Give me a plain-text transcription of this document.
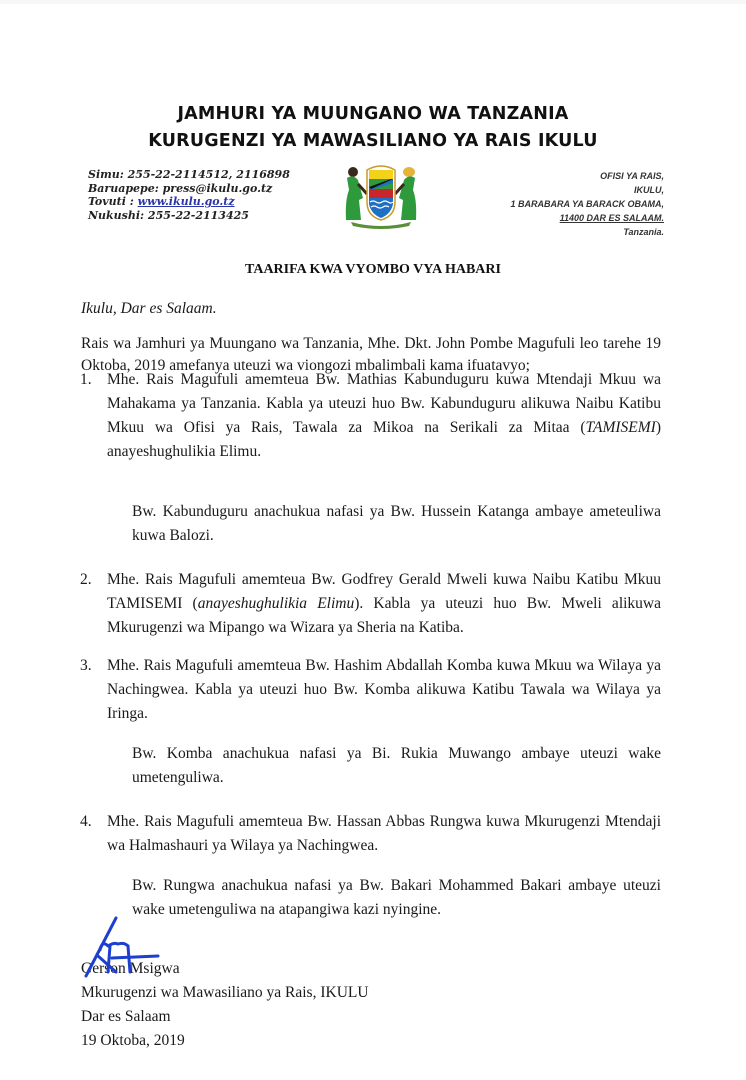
JAMHURI YA MUUNGANO WA TANZANIA
KURUGENZI YA MAWASILIANO YA RAIS IKULU
Simu: 255-22-2114512, 2116898
Baruapepe: press@ikulu.go.tz
Tovuti : www.ikulu.go.tz
Nukushi: 255-22-2113425
OFISI YA RAIS,
IKULU,
1 BARABARA YA BARACK OBAMA,
11400 DAR ES SALAAM.
Tanzania.
TAARIFA KWA VYOMBO VYA HABARI
Ikulu, Dar es Salaam.
Rais wa Jamhuri ya Muungano wa Tanzania, Mhe. Dkt. John Pombe Magufuli leo tarehe 19 Oktoba, 2019 amefanya uteuzi wa viongozi mbalimbali kama ifuatavyo;
1. Mhe. Rais Magufuli amemteua Bw. Mathias Kabunduguru kuwa Mtendaji Mkuu wa Mahakama ya Tanzania. Kabla ya uteuzi huo Bw. Kabunduguru alikuwa Naibu Katibu Mkuu wa Ofisi ya Rais, Tawala za Mikoa na Serikali za Mitaa (TAMISEMI) anayeshughulikia Elimu.
Bw. Kabunduguru anachukua nafasi ya Bw. Hussein Katanga ambaye ameteuliwa kuwa Balozi.
2. Mhe. Rais Magufuli amemteua Bw. Godfrey Gerald Mweli kuwa Naibu Katibu Mkuu TAMISEMI (anayeshughulikia Elimu). Kabla ya uteuzi huo Bw. Mweli alikuwa Mkurugenzi wa Mipango wa Wizara ya Sheria na Katiba.
3. Mhe. Rais Magufuli amemteua Bw. Hashim Abdallah Komba kuwa Mkuu wa Wilaya ya Nachingwea. Kabla ya uteuzi huo Bw. Komba alikuwa Katibu Tawala wa Wilaya ya Iringa.
Bw. Komba anachukua nafasi ya Bi. Rukia Muwango ambaye uteuzi wake umetenguliwa.
4. Mhe. Rais Magufuli amemteua Bw. Hassan Abbas Rungwa kuwa Mkurugenzi Mtendaji wa Halmashauri ya Wilaya ya Nachingwea.
Bw. Rungwa anachukua nafasi ya Bw. Bakari Mohammed Bakari ambaye uteuzi wake umetenguliwa na atapangiwa kazi nyingine.
Gerson Msigwa
Mkurugenzi wa Mawasiliano ya Rais, IKULU
Dar es Salaam
19 Oktoba, 2019
